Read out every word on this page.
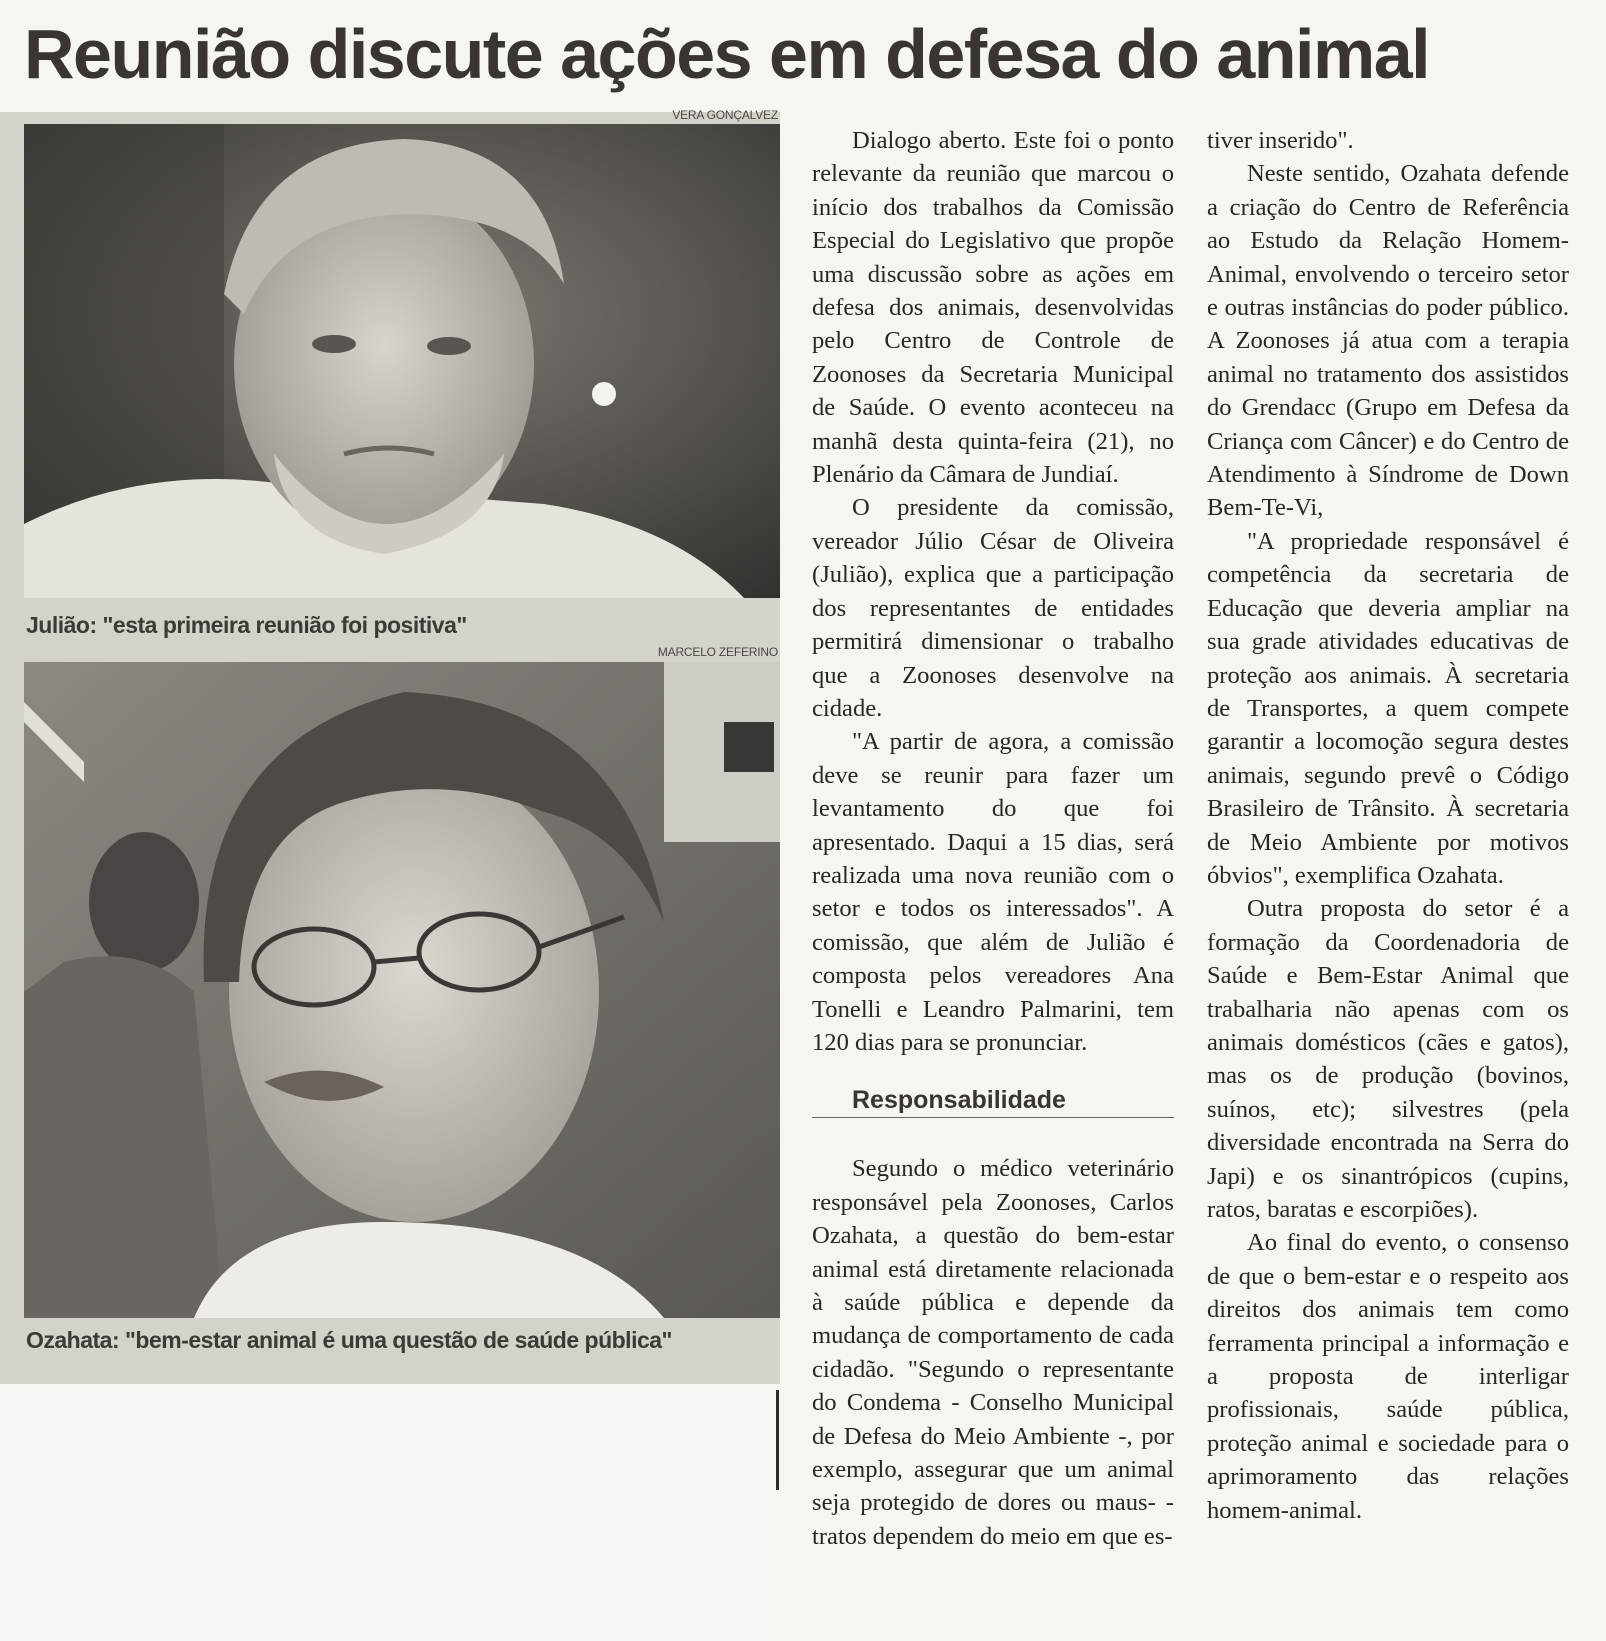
Reunião discute ações em defesa do animal
VERA GONÇALVEZ

Julião: "esta primeira reunião foi positiva"

MARCELO ZEFERINO

Ozahata: "bem-estar animal é uma questão de saúde pública"

Dialogo aberto. Este foi o ponto relevante da reunião que marcou o início dos trabalhos da Comissão Especial do Legislativo que propõe uma discussão sobre as ações em defesa dos animais, desenvolvidas pelo Centro de Controle de Zoonoses da Secretaria Municipal de Saúde. O evento aconteceu na manhã desta quinta-feira (21), no Plenário da Câmara de Jundiaí.

O presidente da comissão, vereador Júlio César de Oliveira (Julião), explica que a participação dos representantes de entidades permitirá dimensionar o trabalho que a Zoonoses desenvolve na cidade.

"A partir de agora, a comissão deve se reunir para fazer um levantamento do que foi apresentado. Daqui a 15 dias, será realizada uma nova reunião com o setor e todos os interessados". A comissão, que além de Julião é composta pelos vereadores Ana Tonelli e Leandro Palmarini, tem 120 dias para se pronunciar.

Responsabilidade

Segundo o médico veterinário responsável pela Zoonoses, Carlos Ozahata, a questão do bem-estar animal está diretamente relacionada à saúde pública e depende da mudança de comportamento de cada cidadão. "Segundo o representante do Condema - Conselho Municipal de Defesa do Meio Ambiente -, por exemplo, assegurar que um animal seja protegido de dores ou maus- -tratos dependem do meio em que es-

tiver inserido".

Neste sentido, Ozahata defende a criação do Centro de Referência ao Estudo da Relação Homem-Animal, envolvendo o terceiro setor e outras instâncias do poder público. A Zoonoses já atua com a terapia animal no tratamento dos assistidos do Grendacc (Grupo em Defesa da Criança com Câncer) e do Centro de Atendimento à Síndrome de Down Bem-Te-Vi,

"A propriedade responsável é competência da secretaria de Educação que deveria ampliar na sua grade atividades educativas de proteção aos animais. À secretaria de Transportes, a quem compete garantir a locomoção segura destes animais, segundo prevê o Código Brasileiro de Trânsito. À secretaria de Meio Ambiente por motivos óbvios", exemplifica Ozahata.

Outra proposta do setor é a formação da Coordenadoria de Saúde e Bem-Estar Animal que trabalharia não apenas com os animais domésticos (cães e gatos), mas os de produção (bovinos, suínos, etc); silvestres (pela diversidade encontrada na Serra do Japi) e os sinantrópicos (cupins, ratos, baratas e escorpiões).

Ao final do evento, o consenso de que o bem-estar e o respeito aos direitos dos animais tem como ferramenta principal a informação e a proposta de interligar profissionais, saúde pública, proteção animal e sociedade para o aprimoramento das relações homem-animal.
